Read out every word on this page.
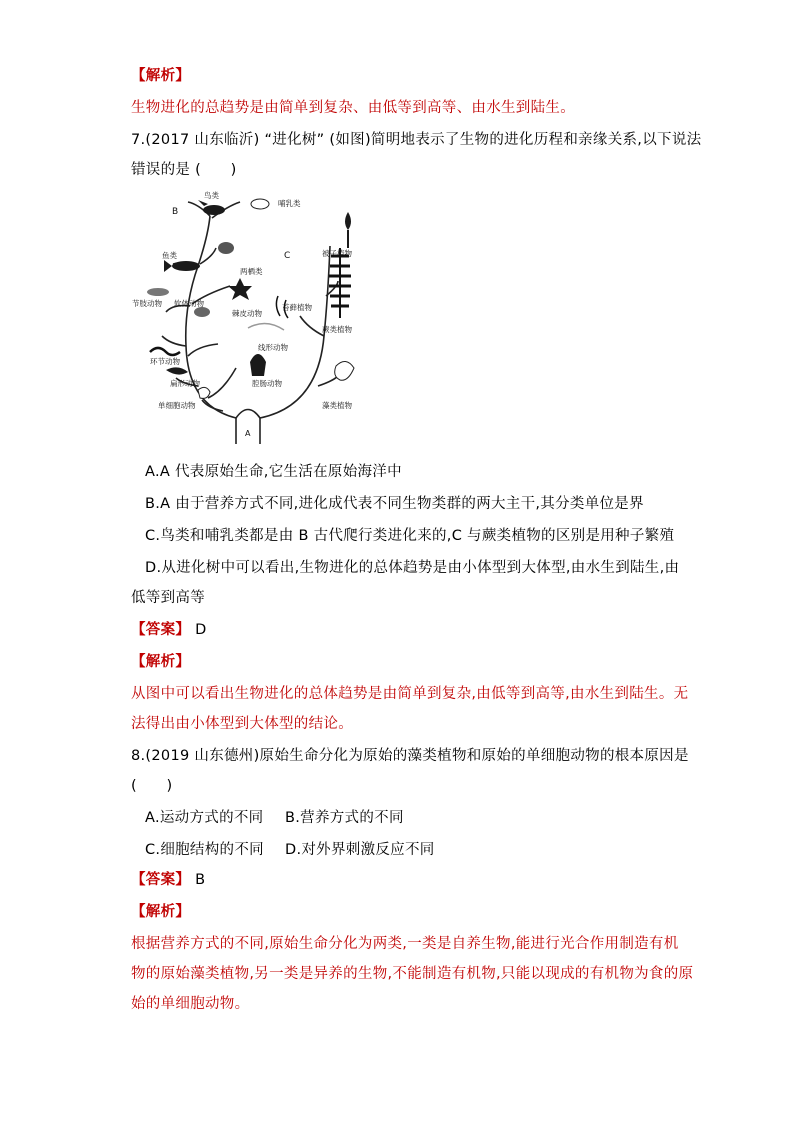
【解析】
生物进化的总趋势是由简单到复杂、由低等到高等、由水生到陆生。
7.(2017 山东临沂) “进化树” (如图)简明地表示了生物的进化历程和亲缘关系,以下说法
错误的是 (　　)
B
C
A
鸟类
哺乳类
鱼类
两栖类
被子植物
节肢动物 软体动物
棘皮动物
苔藓植物
蕨类植物
环节动物
线形动物
扁形动物	腔肠动物
藻类植物
单细胞动物
A.A 代表原始生命,它生活在原始海洋中
B.A 由于营养方式不同,进化成代表不同生物类群的两大主干,其分类单位是界
C.鸟类和哺乳类都是由 B 古代爬行类进化来的,C 与蕨类植物的区别是用种子繁殖
D.从进化树中可以看出,生物进化的总体趋势是由小体型到大体型,由水生到陆生,由
低等到高等
【答案】 D
【解析】
从图中可以看出生物进化的总体趋势是由简单到复杂,由低等到高等,由水生到陆生。无
法得出由小体型到大体型的结论。
8.(2019 山东德州)原始生命分化为原始的藻类植物和原始的单细胞动物的根本原因是
(　　)
A.运动方式的不同 B.营养方式的不同
C.细胞结构的不同 D.对外界刺激反应不同
【答案】 B
【解析】
根据营养方式的不同,原始生命分化为两类,一类是自养生物,能进行光合作用制造有机
物的原始藻类植物,另一类是异养的生物,不能制造有机物,只能以现成的有机物为食的原
始的单细胞动物。
